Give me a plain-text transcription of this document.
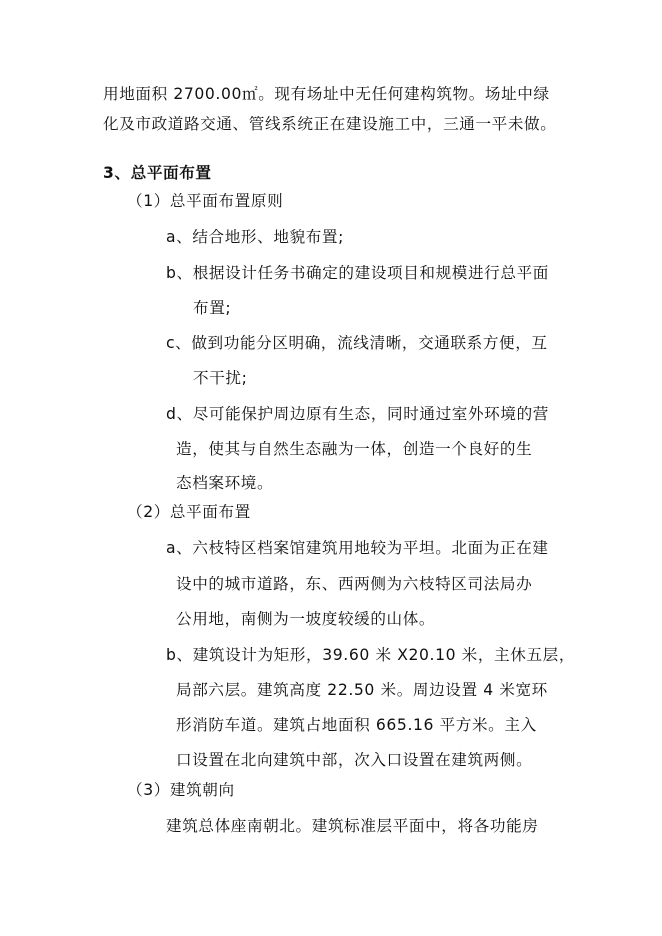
用地面积 2700.00㎡。现有场址中无任何建构筑物。场址中绿
化及市政道路交通、管线系统正在建设施工中，三通一平未做。
3、总平面布置
（1）总平面布置原则
a、结合地形、地貌布置;
b、根据设计任务书确定的建设项目和规模进行总平面
布置;
c、做到功能分区明确，流线清晰，交通联系方便，互
不干扰;
d、尽可能保护周边原有生态，同时通过室外环境的营
造，使其与自然生态融为一体，创造一个良好的生
态档案环境。
（2）总平面布置
a、六枝特区档案馆建筑用地较为平坦。北面为正在建
设中的城市道路，东、西两侧为六枝特区司法局办
公用地，南侧为一坡度较缓的山体。
b、建筑设计为矩形，39.60 米 X20.10 米，主休五层，
局部六层。建筑高度 22.50 米。周边设置 4 米宽环
形消防车道。建筑占地面积 665.16 平方米。主入
口设置在北向建筑中部，次入口设置在建筑两侧。
（3）建筑朝向
建筑总体座南朝北。建筑标准层平面中，将各功能房
